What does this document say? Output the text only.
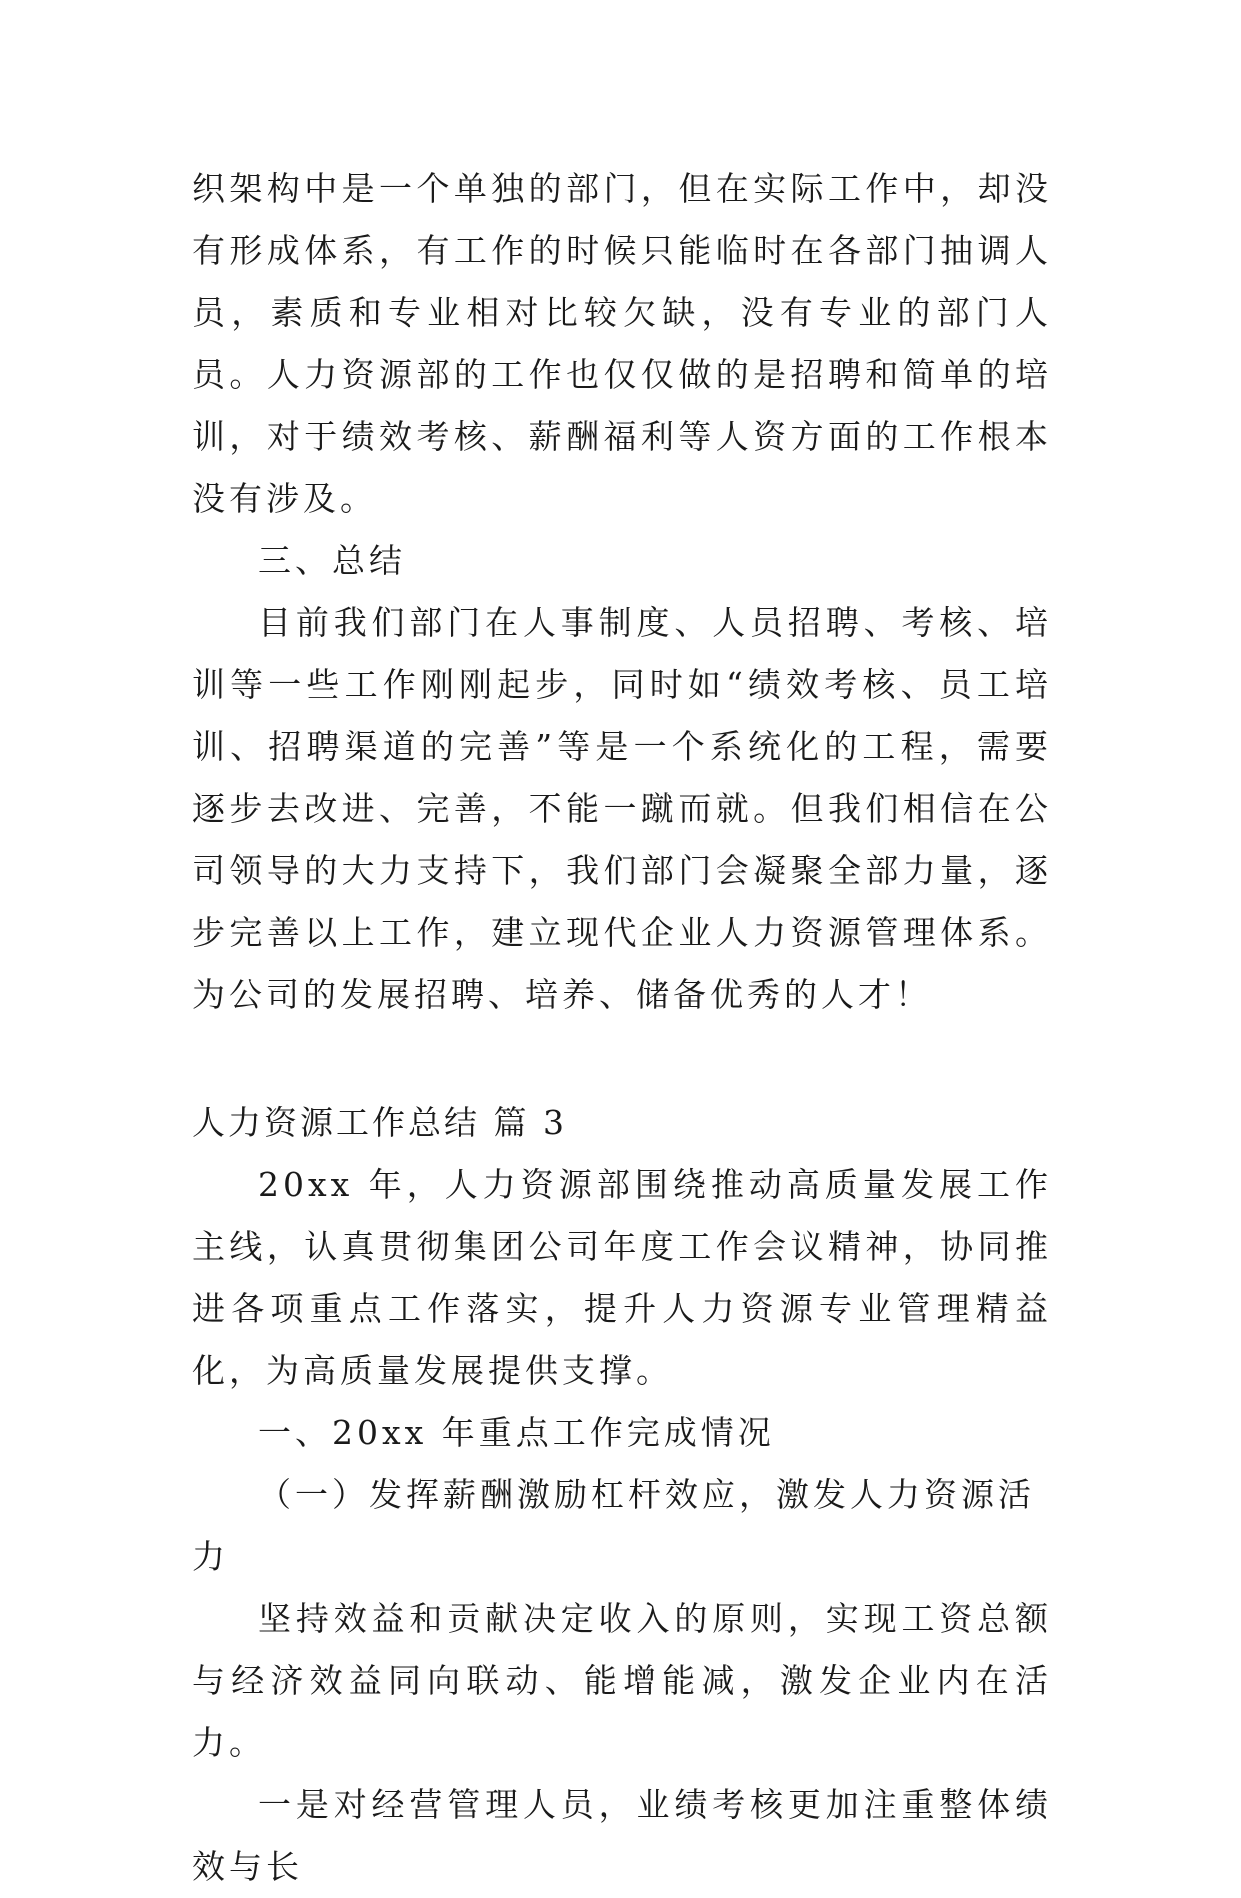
织架构中是一个单独的部门，但在实际工作中，却没有形成体系，有工作的时候只能临时在各部门抽调人员，素质和专业相对比较欠缺，没有专业的部门人员。人力资源部的工作也仅仅做的是招聘和简单的培训，对于绩效考核、薪酬福利等人资方面的工作根本没有涉及。

三、总结

目前我们部门在人事制度、人员招聘、考核、培训等一些工作刚刚起步，同时如“绩效考核、员工培训、招聘渠道的完善”等是一个系统化的工程，需要逐步去改进、完善，不能一蹴而就。但我们相信在公司领导的大力支持下，我们部门会凝聚全部力量，逐步完善以上工作，建立现代企业人力资源管理体系。为公司的发展招聘、培养、储备优秀的人才！

人力资源工作总结 篇 3

20xx 年，人力资源部围绕推动高质量发展工作主线，认真贯彻集团公司年度工作会议精神，协同推进各项重点工作落实，提升人力资源专业管理精益化，为高质量发展提供支撑。

一、20xx 年重点工作完成情况

（一）发挥薪酬激励杠杆效应，激发人力资源活力

坚持效益和贡献决定收入的原则，实现工资总额与经济效益同向联动、能增能减，激发企业内在活力。

一是对经营管理人员，业绩考核更加注重整体绩效与长
